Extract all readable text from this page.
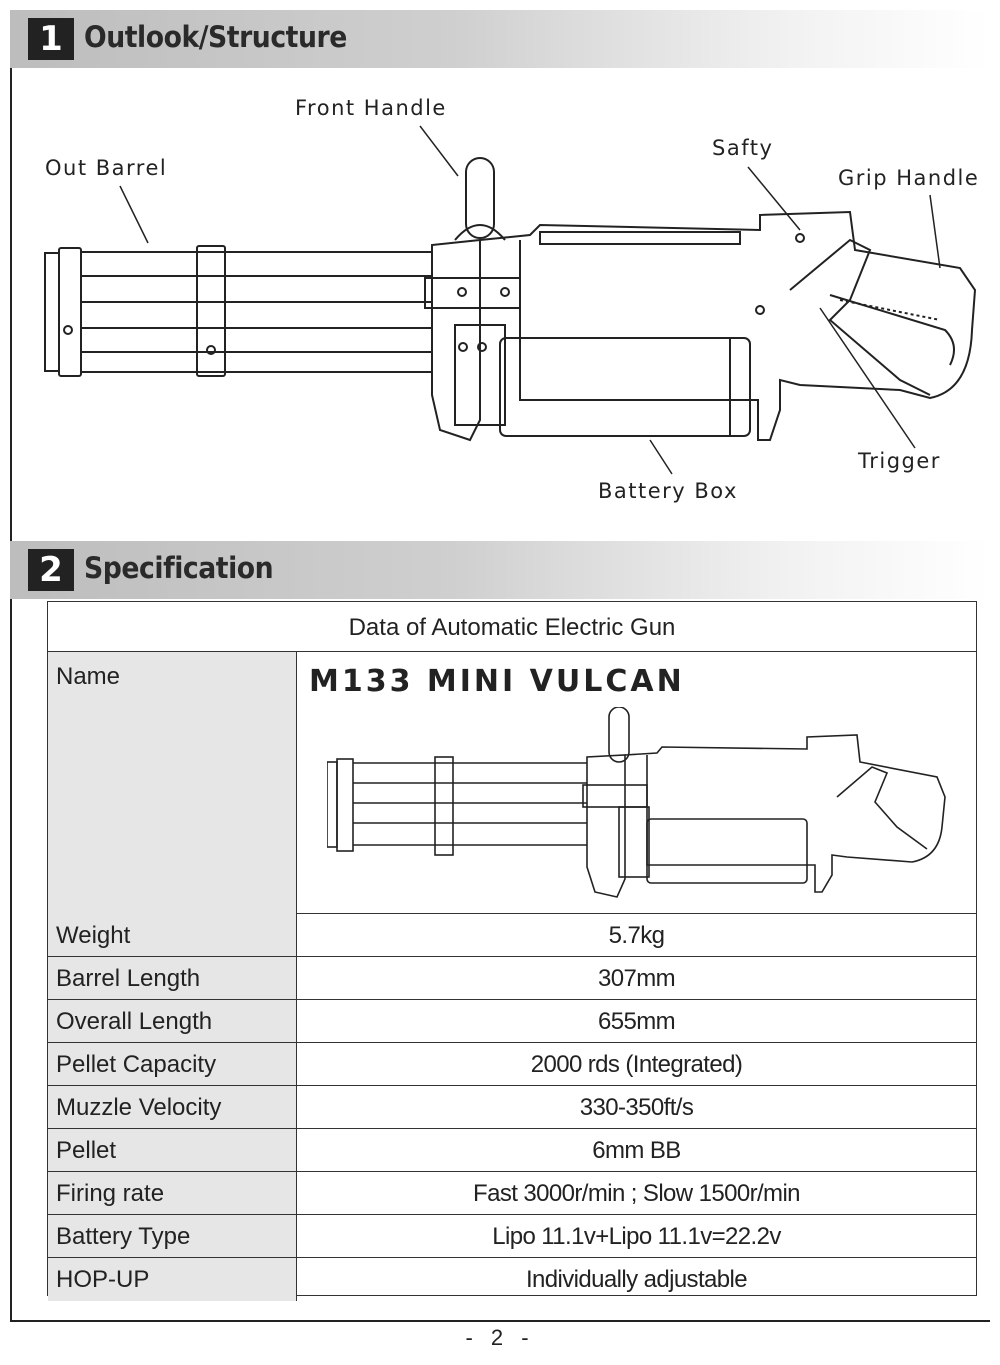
1 Outlook/Structure
Front Handle
Out Barrel
Safty
Grip Handle
Trigger
Battery Box
2 Specification
Data of Automatic Electric Gun
Name	M133 MINI VULCAN
Weight	5.7kg
Barrel Length	307mm
Overall Length	655mm
Pellet Capacity	2000 rds (Integrated)
Muzzle Velocity	330-350ft/s
Pellet	6mm BB
Firing rate	Fast 3000r/min ; Slow 1500r/min
Battery Type	Lipo 11.1v+Lipo 11.1v=22.2v
HOP-UP	Individually adjustable
- 2 -
